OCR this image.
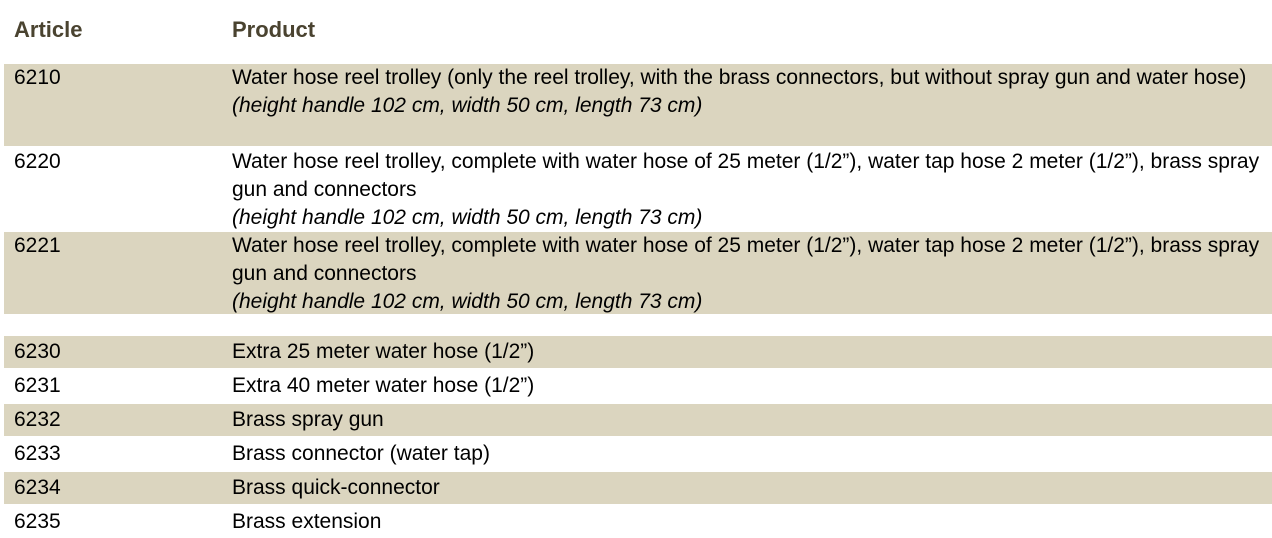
Article	Product
6210	Water hose reel trolley (only the reel trolley, with the brass connectors, but without spray gun and water hose)
(height handle 102 cm, width 50 cm, length 73 cm)
6220	Water hose reel trolley, complete with water hose of 25 meter (1/2”), water tap hose 2 meter (1/2”), brass spray gun and connectors
(height handle 102 cm, width 50 cm, length 73 cm)
6221	Water hose reel trolley, complete with water hose of 25 meter (1/2”), water tap hose 2 meter (1/2”), brass spray gun and connectors
(height handle 102 cm, width 50 cm, length 73 cm)
6230	Extra 25 meter water hose (1/2”)
6231	Extra 40 meter water hose (1/2”)
6232	Brass spray gun
6233	Brass connector (water tap)
6234	Brass quick-connector
6235	Brass extension
